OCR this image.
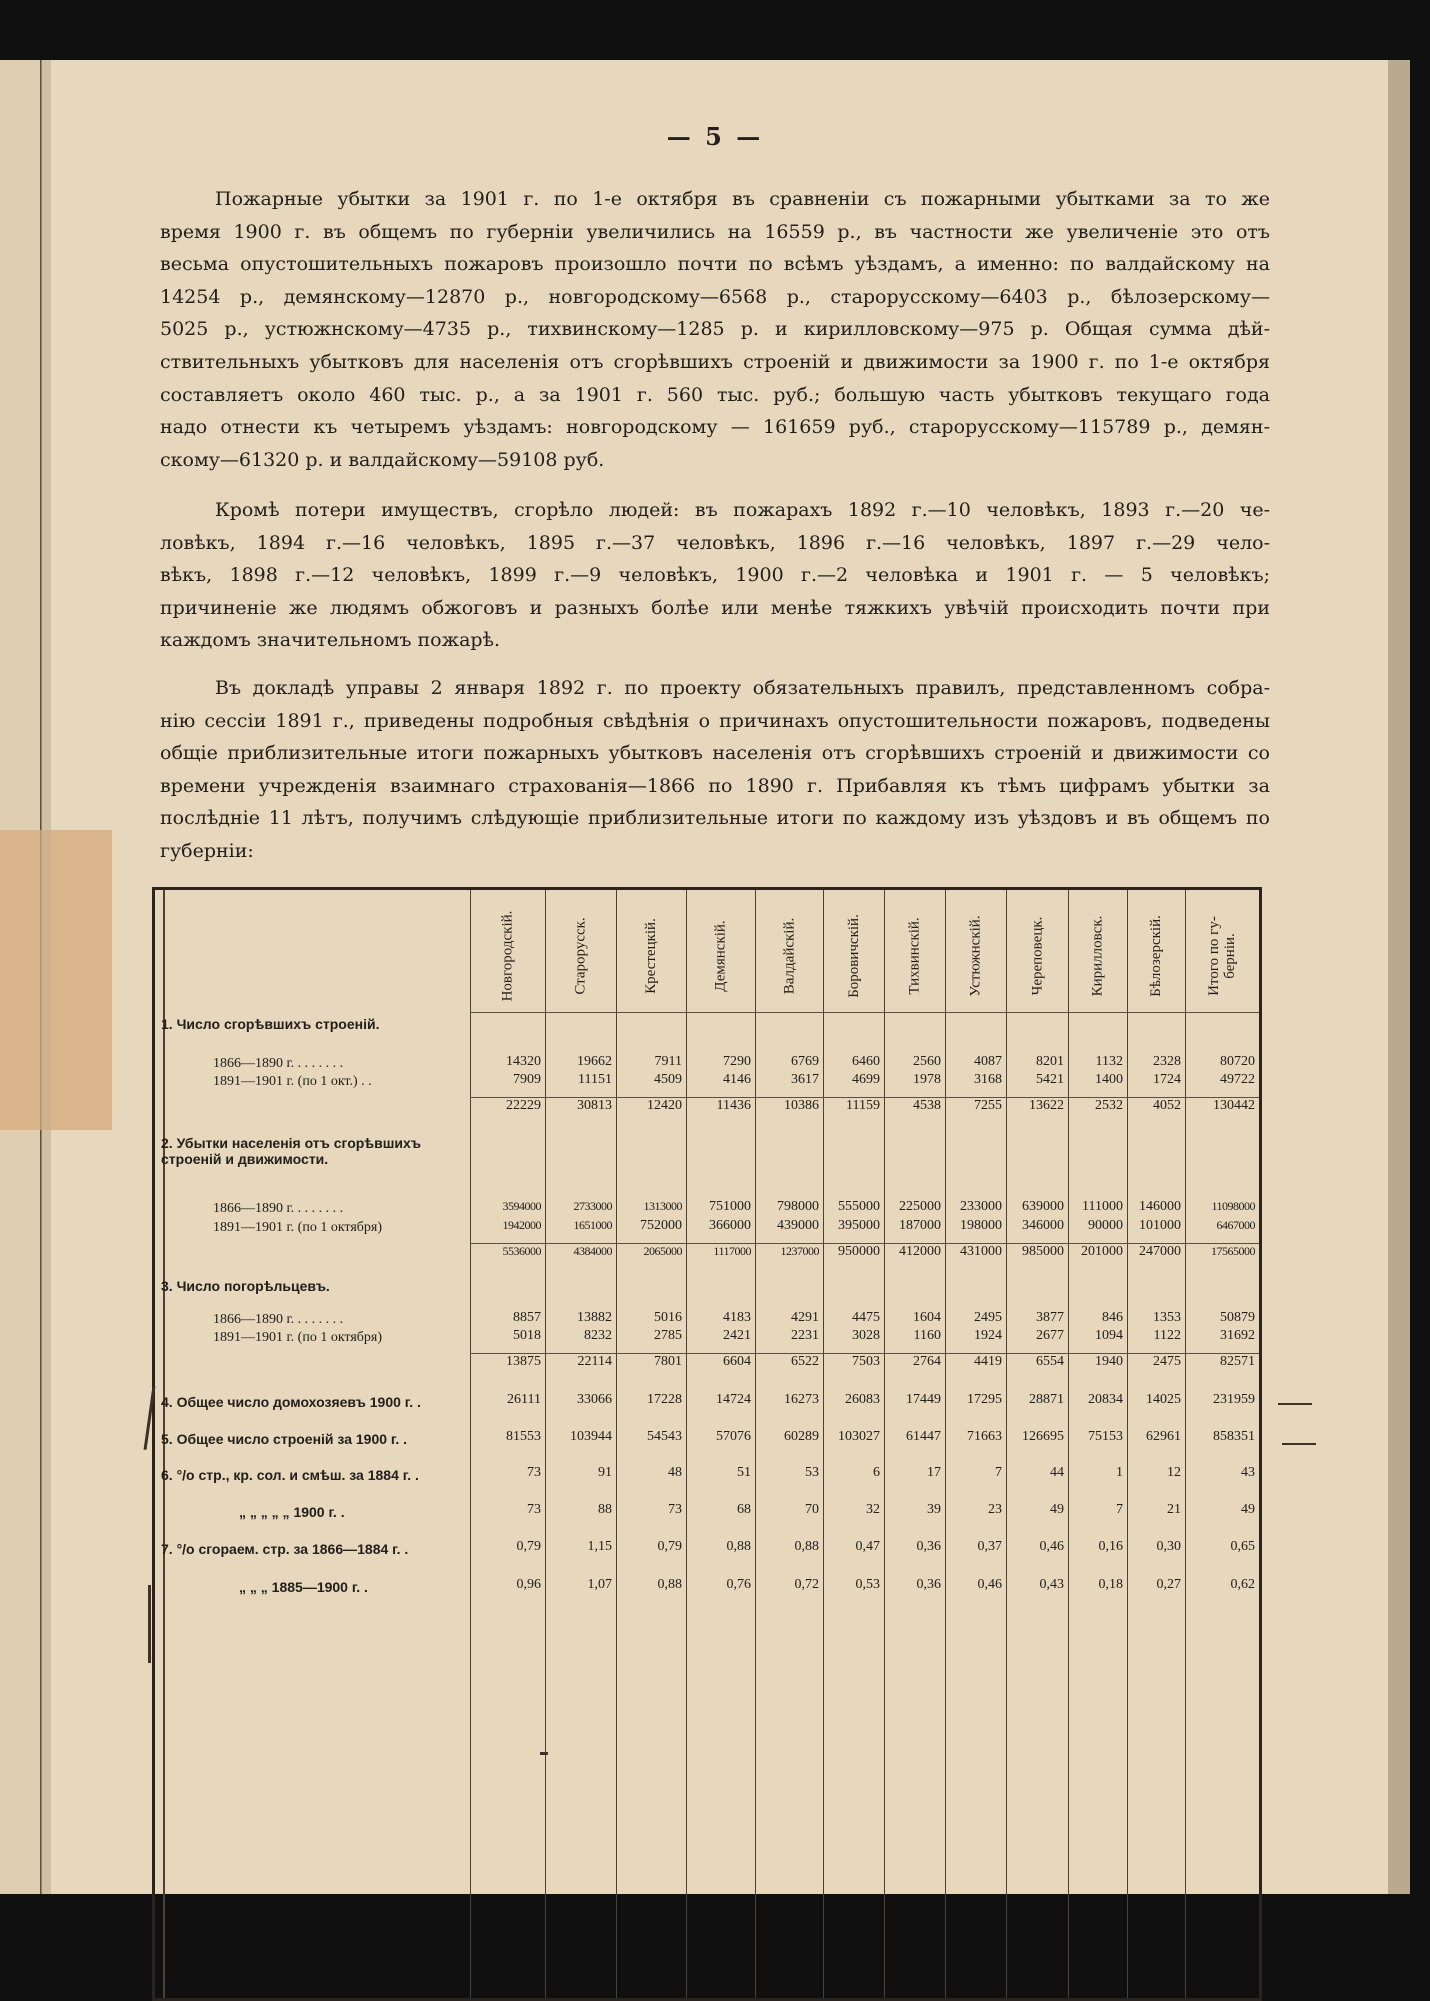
— 5 —
Пожарные убытки за 1901 г. по 1-е октября въ сравненіи съ пожарными убытками за то же
время 1900 г. въ общемъ по губерніи увеличились на 16559 р., въ частности же увеличеніе это отъ
весьма опустошительныхъ пожаровъ произошло почти по всѣмъ уѣздамъ, а именно: по валдайскому на
14254 р., демянскому—12870 р., новгородскому—6568 р., старорусскому—6403 р., бѣлозерскому—
5025 р., устюжнскому—4735 р., тихвинскому—1285 р. и кирилловскому—975 р. Общая сумма дѣй-
ствительныхъ убытковъ для населенія отъ сгорѣвшихъ строеній и движимости за 1900 г. по 1-е октября
составляетъ около 460 тыс. р., а за 1901 г. 560 тыс. руб.; большую часть убытковъ текущаго года
надо отнести къ четыремъ уѣздамъ: новгородскому — 161659 руб., старорусскому—115789 р., демян-
скому—61320 р. и валдайскому—59108 руб.
Кромѣ потери имуществъ, сгорѣло людей: въ пожарахъ 1892 г.—10 человѣкъ, 1893 г.—20 че-
ловѣкъ, 1894 г.—16 человѣкъ, 1895 г.—37 человѣкъ, 1896 г.—16 человѣкъ, 1897 г.—29 чело-
вѣкъ, 1898 г.—12 человѣкъ, 1899 г.—9 человѣкъ, 1900 г.—2 человѣка и 1901 г. — 5 человѣкъ;
причиненіе же людямъ обжоговъ и разныхъ болѣе или менѣе тяжкихъ увѣчій происходить почти при
каждомъ значительномъ пожарѣ.
Въ докладѣ управы 2 января 1892 г. по проекту обязательныхъ правилъ, представленномъ собра-
нію сессіи 1891 г., приведены подробныя свѣдѣнія о причинахъ опустошительности пожаровъ, подведены
общіе приблизительные итоги пожарныхъ убытковъ населенія отъ сгорѣвшихъ строеній и движимости со
времени учрежденія взаимнаго страхованія—1866 по 1890 г. Прибавляя къ тѣмъ цифрамъ убытки за
послѣдніе 11 лѣтъ, получимъ слѣдующіе приблизительные итоги по каждому изъ уѣздовъ и въ общемъ по
губерніи:
Новгородскій.	Старорусск.	Крестецкій.	Демянскій.	Валдайскій.	Боровичскій.	Тихвинскій.	Устюжнскій.	Череповецк.	Кирилловск.	Бѣлозерскій.	Итого по гу-
берніи.
1. Число сгорѣвшихъ строеній.
1866—1890 г. . . . . . . .	14320	19662	7911	7290	6769	6460	2560	4087	8201	1132	2328	80720
1891—1901 г. (по 1 окт.) . .	7909	11151	4509	4146	3617	4699	1978	3168	5421	1400	1724	49722
22229	30813	12420	11436	10386	11159	4538	7255	13622	2532	4052	130442
2. Убытки населенія отъ сгорѣвшихъ
строеній и движимости.
1866—1890 г. . . . . . . .	3594000	2733000	1313000	751000	798000	555000	225000	233000	639000	111000	146000	11098000
1891—1901 г. (по 1 октября)	1942000	1651000	752000	366000	439000	395000	187000	198000	346000	90000	101000	6467000
5536000	4384000	2065000	1117000	1237000	950000	412000	431000	985000	201000	247000	17565000
3. Число погорѣльцевъ.
1866—1890 г. . . . . . . .	8857	13882	5016	4183	4291	4475	1604	2495	3877	846	1353	50879
1891—1901 г. (по 1 октября)	5018	8232	2785	2421	2231	3028	1160	1924	2677	1094	1122	31692
13875	22114	7801	6604	6522	7503	2764	4419	6554	1940	2475	82571
4. Общее число домохозяевъ 1900 г. .	26111	33066	17228	14724	16273	26083	17449	17295	28871	20834	14025	231959
5. Общее число строеній за 1900 г. .	81553	103944	54543	57076	60289	103027	61447	71663	126695	75153	62961	858351
6. °/о стр., кр. сол. и смѣш. за 1884 г. .	73	91	48	51	53	6	17	7	44	1	12	43
„ „ „ „ „ 1900 г. .	73	88	73	68	70	32	39	23	49	7	21	49
7. °/о сгораем. стр. за 1866—1884 г. .	0,79	1,15	0,79	0,88	0,88	0,47	0,36	0,37	0,46	0,16	0,30	0,65
„ „ „ 1885—1900 г. .	0,96	1,07	0,88	0,76	0,72	0,53	0,36	0,46	0,43	0,18	0,27	0,62
